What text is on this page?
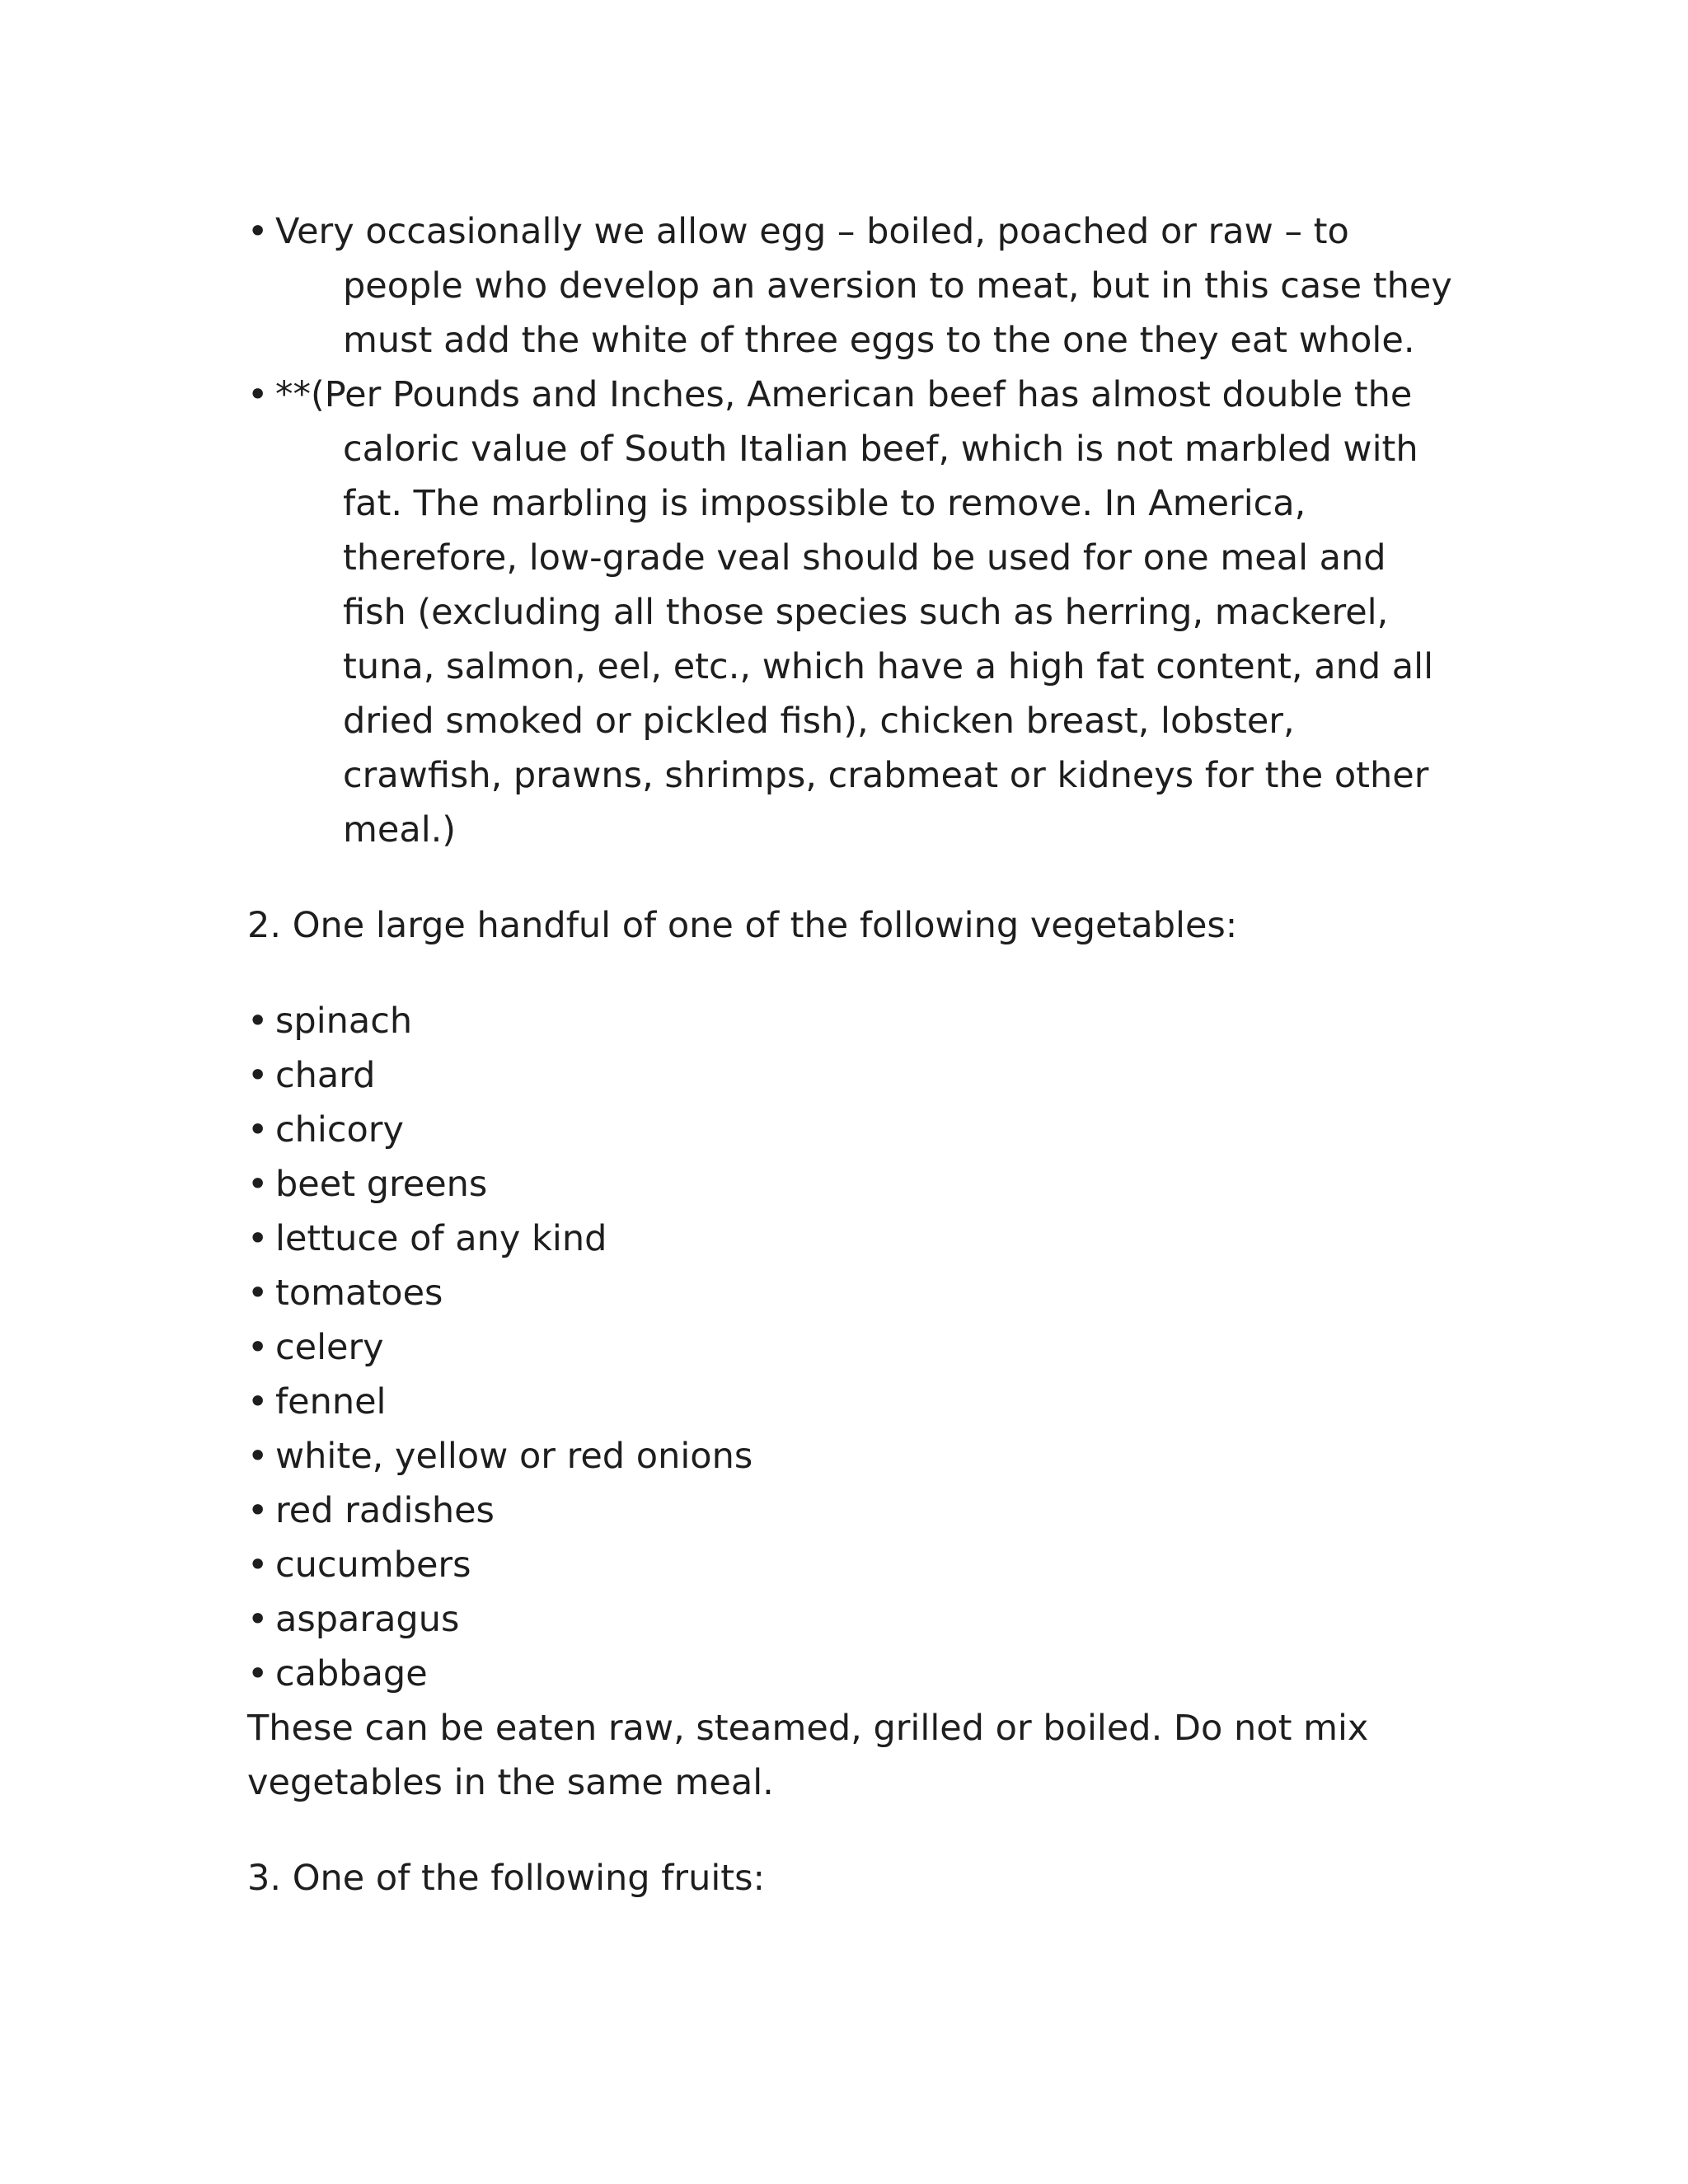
• Very occasionally we allow egg – boiled, poached or raw – to
people who develop an aversion to meat, but in this case they
must add the white of three eggs to the one they eat whole.
• **(Per Pounds and Inches, American beef has almost double the
caloric value of South Italian beef, which is not marbled with
fat. The marbling is impossible to remove. In America,
therefore, low-grade veal should be used for one meal and
fish (excluding all those species such as herring, mackerel,
tuna, salmon, eel, etc., which have a high fat content, and all
dried smoked or pickled fish), chicken breast, lobster,
crawfish, prawns, shrimps, crabmeat or kidneys for the other
meal.)

2. One large handful of one of the following vegetables:

• spinach
• chard
• chicory
• beet greens
• lettuce of any kind
• tomatoes
• celery
• fennel
• white, yellow or red onions
• red radishes
• cucumbers
• asparagus
• cabbage

These can be eaten raw, steamed, grilled or boiled. Do not mix

vegetables in the same meal.

3. One of the following fruits:
